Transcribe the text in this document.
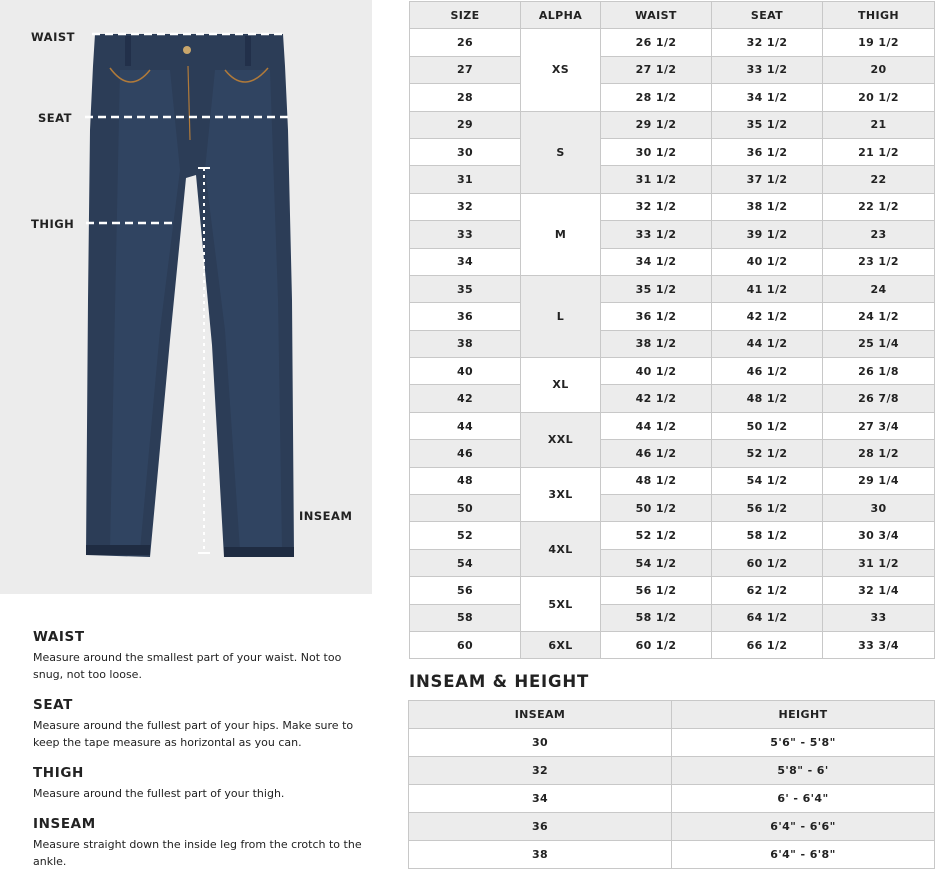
WAIST
SEAT
THIGH
INSEAM
WAIST

Measure around the smallest part of your waist. Not too snug, not too loose.

SEAT

Measure around the fullest part of your hips. Make sure to keep the tape measure as horizontal as you can.

THIGH

Measure around the fullest part of your thigh.

INSEAM

Measure straight down the inside leg from the crotch to the ankle.

SIZE	ALPHA	WAIST	SEAT	THIGH
26	XS	26 1/2	32 1/2	19 1/2
27		27 1/2	33 1/2	20
28		28 1/2	34 1/2	20 1/2
29	S	29 1/2	35 1/2	21
30		30 1/2	36 1/2	21 1/2
31		31 1/2	37 1/2	22
32	M	32 1/2	38 1/2	22 1/2
33		33 1/2	39 1/2	23
34		34 1/2	40 1/2	23 1/2
35	L	35 1/2	41 1/2	24
36		36 1/2	42 1/2	24 1/2
38		38 1/2	44 1/2	25 1/4
40	XL	40 1/2	46 1/2	26 1/8
42		42 1/2	48 1/2	26 7/8
44	XXL	44 1/2	50 1/2	27 3/4
46		46 1/2	52 1/2	28 1/2
48	3XL	48 1/2	54 1/2	29 1/4
50		50 1/2	56 1/2	30
52	4XL	52 1/2	58 1/2	30 3/4
54		54 1/2	60 1/2	31 1/2
56	5XL	56 1/2	62 1/2	32 1/4
58		58 1/2	64 1/2	33
60	6XL	60 1/2	66 1/2	33 3/4
INSEAM & HEIGHT
INSEAM	HEIGHT
30	5'6" - 5'8"
32	5'8" - 6'
34	6' - 6'4"
36	6'4" - 6'6"
38	6'4" - 6'8"
